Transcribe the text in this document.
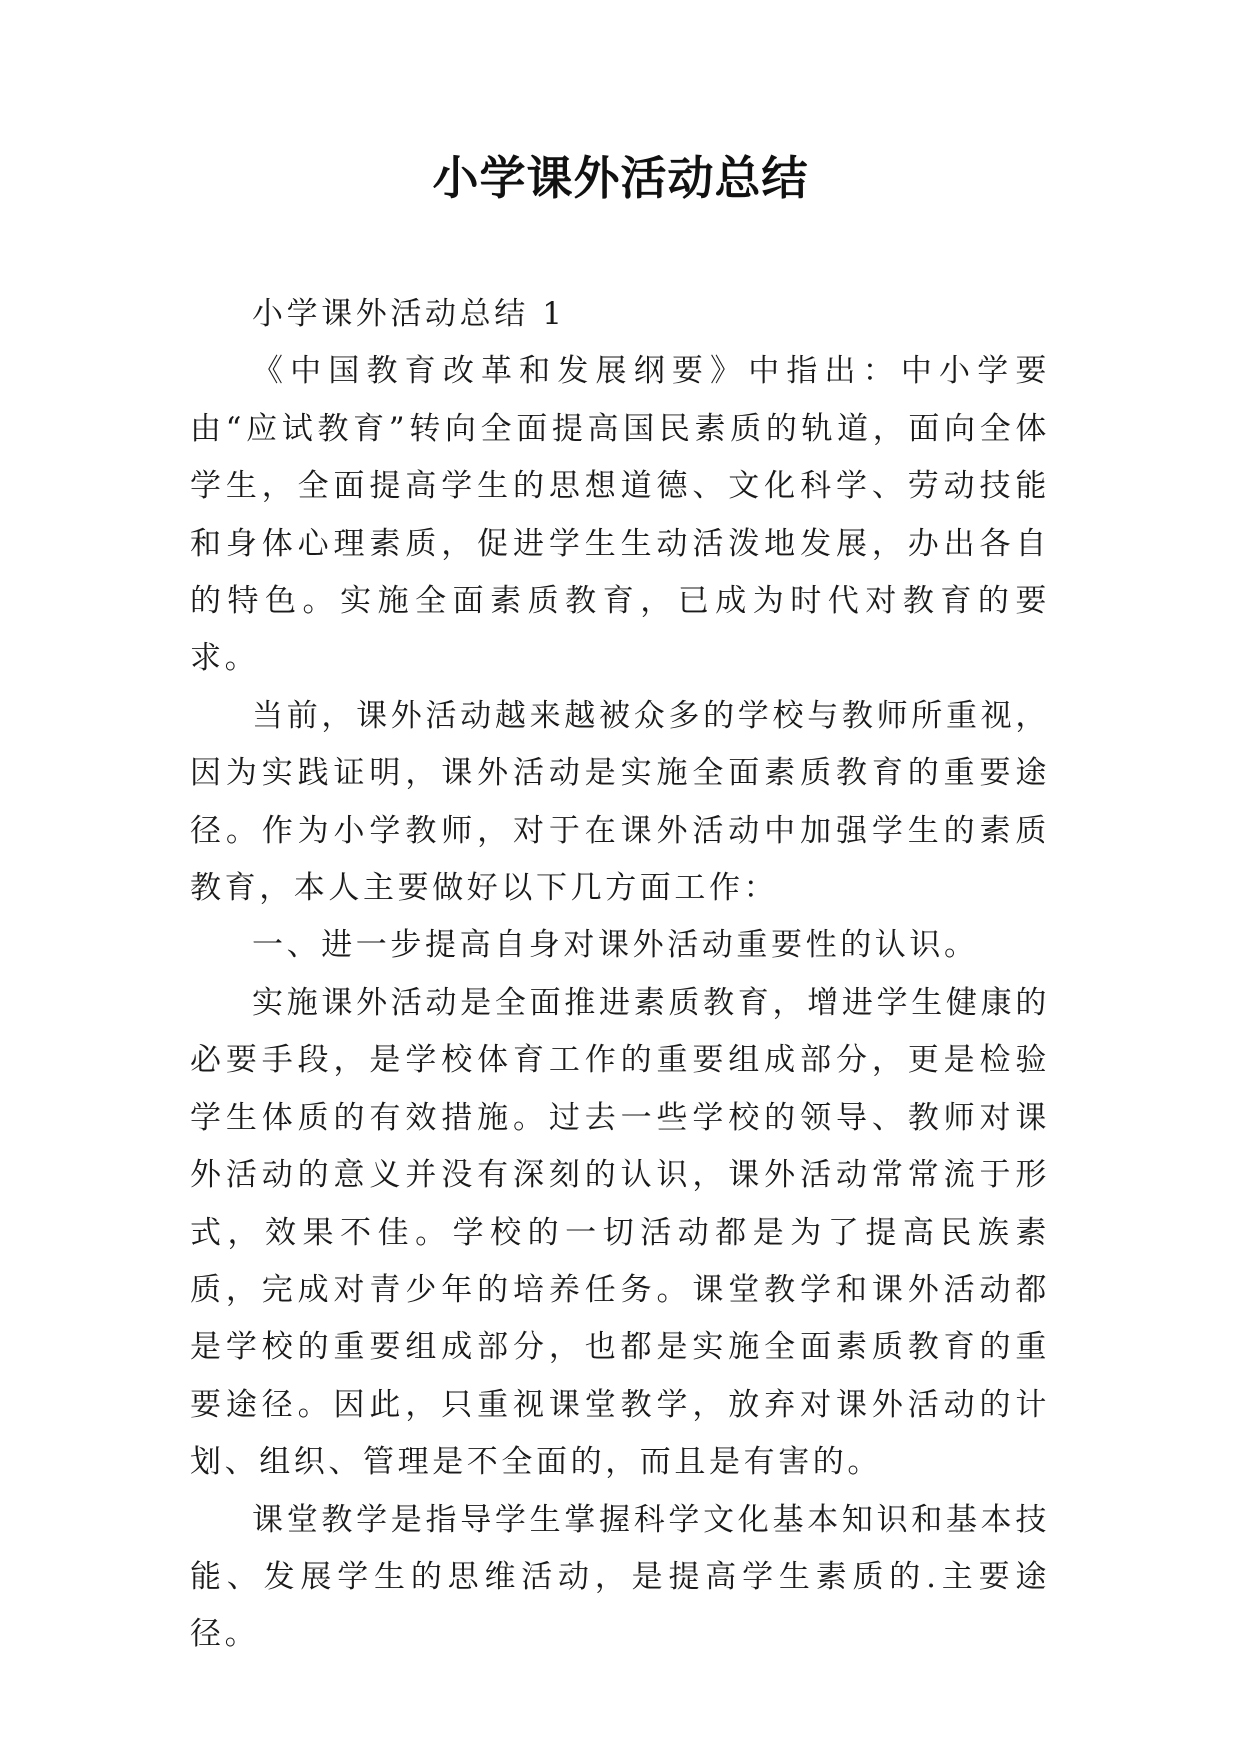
小学课外活动总结

小学课外活动总结 1

《中国教育改革和发展纲要》中指出：中小学要由“应试教育”转向全面提高国民素质的轨道，面向全体学生，全面提高学生的思想道德、文化科学、劳动技能和身体心理素质，促进学生生动活泼地发展，办出各自的特色。实施全面素质教育，已成为时代对教育的要求。

当前，课外活动越来越被众多的学校与教师所重视，因为实践证明，课外活动是实施全面素质教育的重要途径。作为小学教师，对于在课外活动中加强学生的素质教育，本人主要做好以下几方面工作：

一、进一步提高自身对课外活动重要性的认识。

实施课外活动是全面推进素质教育，增进学生健康的必要手段，是学校体育工作的重要组成部分，更是检验学生体质的有效措施。过去一些学校的领导、教师对课外活动的意义并没有深刻的认识，课外活动常常流于形式，效果不佳。学校的一切活动都是为了提高民族素质，完成对青少年的培养任务。课堂教学和课外活动都是学校的重要组成部分，也都是实施全面素质教育的重要途径。因此，只重视课堂教学，放弃对课外活动的计划、组织、管理是不全面的，而且是有害的。

课堂教学是指导学生掌握科学文化基本知识和基本技能、发展学生的思维活动，是提高学生素质的.主要途径。
